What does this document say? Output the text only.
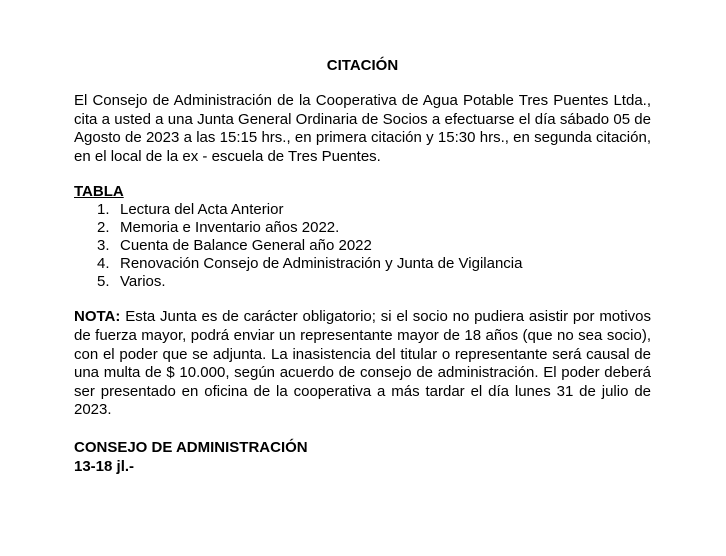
CITACIÓN

El Consejo de Administración de la Cooperativa de Agua Potable Tres Puentes Ltda., cita a usted a una Junta General Ordinaria de Socios a efectuarse el día sábado 05 de Agosto de 2023 a las 15:15 hrs., en primera citación y 15:30 hrs., en segunda citación, en el local de la ex - escuela de Tres Puentes.

TABLA
1. Lectura del Acta Anterior
2. Memoria e Inventario años 2022.
3. Cuenta de Balance General año 2022
4. Renovación Consejo de Administración y Junta de Vigilancia
5. Varios.

NOTA: Esta Junta es de carácter obligatorio; si el socio no pudiera asistir por motivos de fuerza mayor, podrá enviar un representante mayor de 18 años (que no sea socio), con el poder que se adjunta. La inasistencia del titular o representante será causal de una multa de $ 10.000, según acuerdo de consejo de administración. El poder deberá ser presentado en oficina de la cooperativa a más tardar el día lunes 31 de julio de 2023.

CONSEJO DE ADMINISTRACIÓN
13-18 jl.-
